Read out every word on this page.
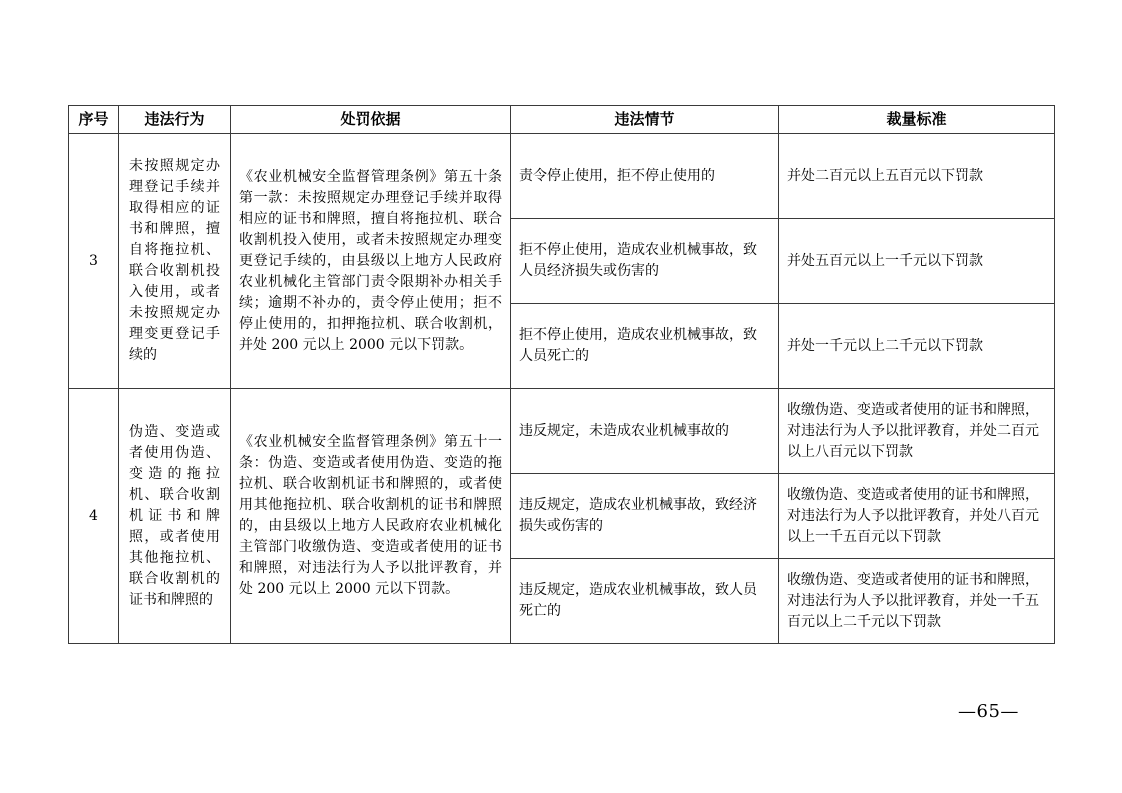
序号	违法行为	处罚依据	违法情节	裁量标准
3	未按照规定办理登记手续并取得相应的证书和牌照，擅自将拖拉机、联合收割机投入使用，或者未按照规定办理变更登记手续的	《农业机械安全监督管理条例》第五十条第一款：未按照规定办理登记手续并取得相应的证书和牌照，擅自将拖拉机、联合收割机投入使用，或者未按照规定办理变更登记手续的，由县级以上地方人民政府农业机械化主管部门责令限期补办相关手续；逾期不补办的，责令停止使用；拒不停止使用的，扣押拖拉机、联合收割机，并处 200 元以上 2000 元以下罚款。	责令停止使用，拒不停止使用的	并处二百元以上五百元以下罚款
			拒不停止使用，造成农业机械事故，致人员经济损失或伤害的	并处五百元以上一千元以下罚款
			拒不停止使用，造成农业机械事故，致人员死亡的	并处一千元以上二千元以下罚款
4	伪造、变造或者使用伪造、变造的拖拉机、联合收割机证书和牌照，或者使用其他拖拉机、联合收割机的证书和牌照的	《农业机械安全监督管理条例》第五十一条：伪造、变造或者使用伪造、变造的拖拉机、联合收割机证书和牌照的，或者使用其他拖拉机、联合收割机的证书和牌照的，由县级以上地方人民政府农业机械化主管部门收缴伪造、变造或者使用的证书和牌照，对违法行为人予以批评教育，并处 200 元以上 2000 元以下罚款。	违反规定，未造成农业机械事故的	收缴伪造、变造或者使用的证书和牌照，对违法行为人予以批评教育，并处二百元以上八百元以下罚款
			违反规定，造成农业机械事故，致经济损失或伤害的	收缴伪造、变造或者使用的证书和牌照，对违法行为人予以批评教育，并处八百元以上一千五百元以下罚款
			违反规定，造成农业机械事故，致人员死亡的	收缴伪造、变造或者使用的证书和牌照，对违法行为人予以批评教育，并处一千五百元以上二千元以下罚款
—65—
